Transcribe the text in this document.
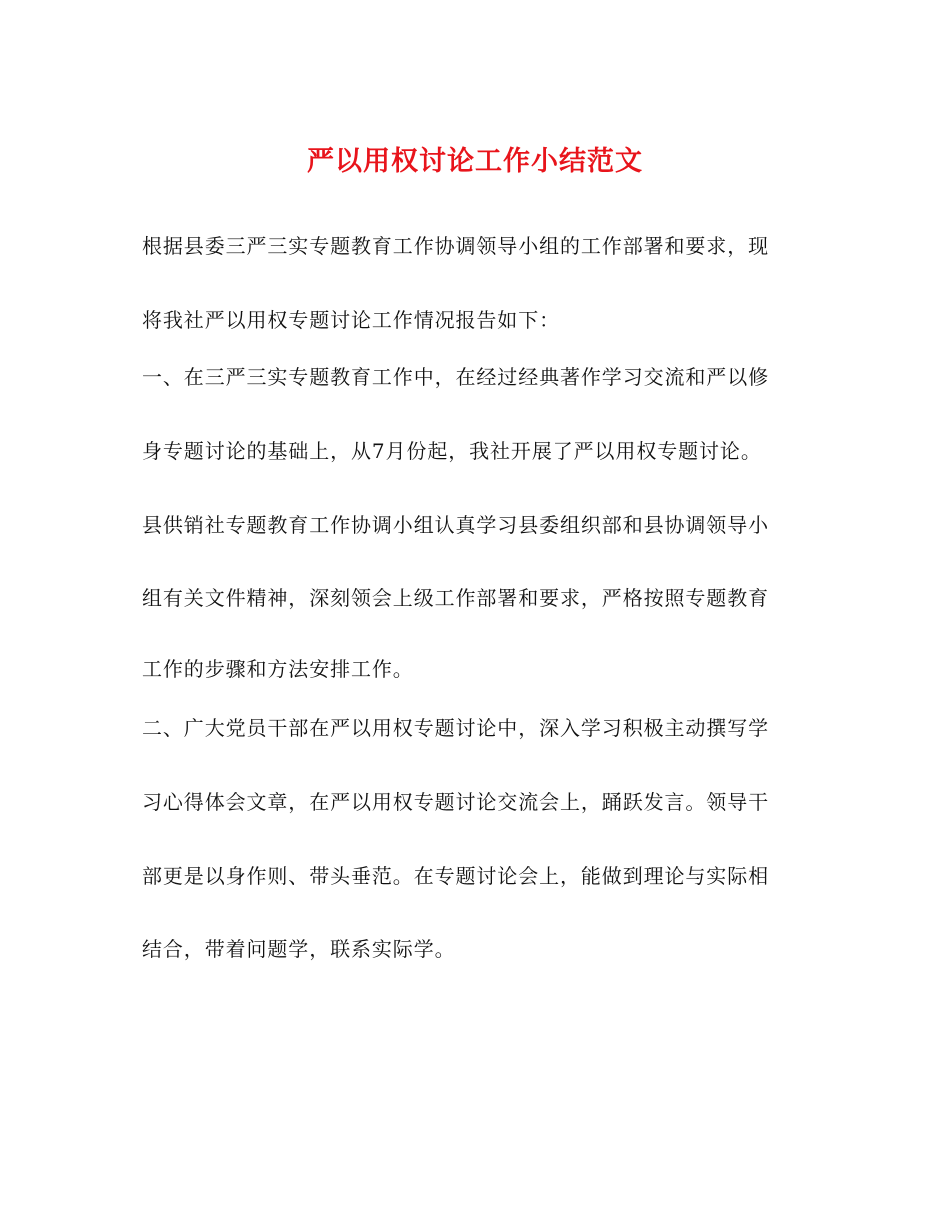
严以用权讨论工作小结范文
根据县委三严三实专题教育工作协调领导小组的工作部署和要求，现
将我社严以用权专题讨论工作情况报告如下：
一、在三严三实专题教育工作中，在经过经典著作学习交流和严以修
身专题讨论的基础上，从7月份起，我社开展了严以用权专题讨论。
县供销社专题教育工作协调小组认真学习县委组织部和县协调领导小
组有关文件精神，深刻领会上级工作部署和要求，严格按照专题教育
工作的步骤和方法安排工作。
二、广大党员干部在严以用权专题讨论中，深入学习积极主动撰写学
习心得体会文章，在严以用权专题讨论交流会上，踊跃发言。领导干
部更是以身作则、带头垂范。在专题讨论会上，能做到理论与实际相
结合，带着问题学，联系实际学。
